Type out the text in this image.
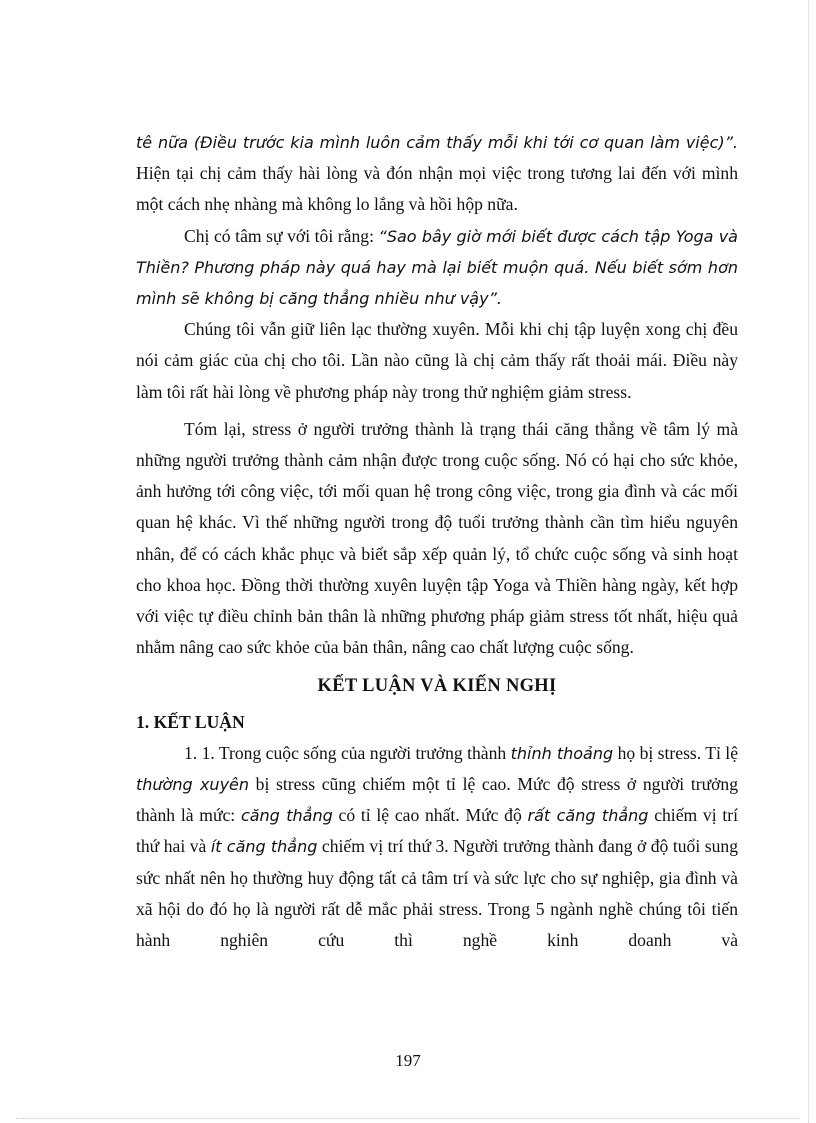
tê nữa (Điều trước kia mình luôn cảm thấy mỗi khi tới cơ quan làm việc)”. Hiện tại chị cảm thấy hài lòng và đón nhận mọi việc trong tương lai đến với mình một cách nhẹ nhàng mà không lo lắng và hồi hộp nữa.

Chị có tâm sự với tôi rằng: “Sao bây giờ mới biết được cách tập Yoga và Thiền? Phương pháp này quá hay mà lại biết muộn quá. Nếu biết sớm hơn mình sẽ không bị căng thẳng nhiều như vậy”.

Chúng tôi vẫn giữ liên lạc thường xuyên. Mỗi khi chị tập luyện xong chị đều nói cảm giác của chị cho tôi. Lần nào cũng là chị cảm thấy rất thoải mái. Điều này làm tôi rất hài lòng về phương pháp này trong thử nghiệm giảm stress.

Tóm lại, stress ở người trưởng thành là trạng thái căng thẳng về tâm lý mà những người trưởng thành cảm nhận được trong cuộc sống. Nó có hại cho sức khỏe, ảnh hưởng tới công việc, tới mối quan hệ trong công việc, trong gia đình và các mối quan hệ khác. Vì thế những người trong độ tuổi trưởng thành cần tìm hiểu nguyên nhân, để có cách khắc phục và biết sắp xếp quản lý, tổ chức cuộc sống và sinh hoạt cho khoa học. Đồng thời thường xuyên luyện tập Yoga và Thiền hàng ngày, kết hợp với việc tự điều chỉnh bản thân là những phương pháp giảm stress tốt nhất, hiệu quả nhằm nâng cao sức khỏe của bản thân, nâng cao chất lượng cuộc sống.

KẾT LUẬN VÀ KIẾN NGHỊ
1. KẾT LUẬN

1. 1. Trong cuộc sống của người trưởng thành thỉnh thoảng họ bị stress. Tỉ lệ thường xuyên bị stress cũng chiếm một tỉ lệ cao. Mức độ stress ở người trưởng thành là mức: căng thẳng có tỉ lệ cao nhất. Mức độ rất căng thẳng chiếm vị trí thứ hai và ít căng thẳng chiếm vị trí thứ 3. Người trưởng thành đang ở độ tuổi sung sức nhất nên họ thường huy động tất cả tâm trí và sức lực cho sự nghiệp, gia đình và xã hội do đó họ là người rất dễ mắc phải stress. Trong 5 ngành nghề chúng tôi tiến hành nghiên cứu thì nghề kinh doanh và

197
